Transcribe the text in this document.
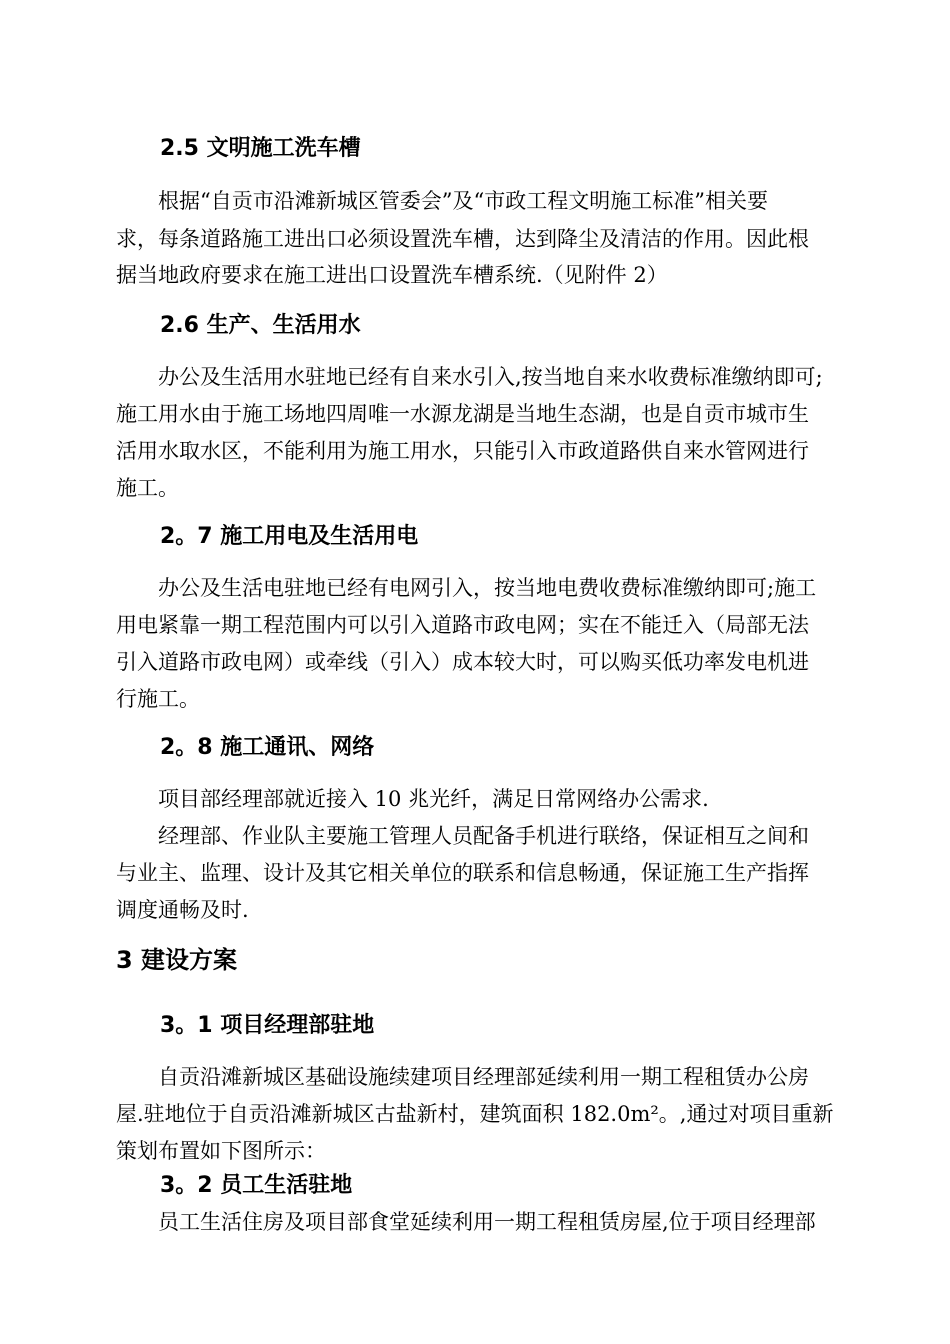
2.5 文明施工洗车槽
根据“自贡市沿滩新城区管委会”及“市政工程文明施工标准”相关要
求，每条道路施工进出口必须设置洗车槽，达到降尘及清洁的作用。因此根
据当地政府要求在施工进出口设置洗车槽系统.（见附件 2）
2.6 生产、生活用水
办公及生活用水驻地已经有自来水引入,按当地自来水收费标准缴纳即可;
施工用水由于施工场地四周唯一水源龙湖是当地生态湖，也是自贡市城市生
活用水取水区，不能利用为施工用水，只能引入市政道路供自来水管网进行
施工。
2。7 施工用电及生活用电
办公及生活电驻地已经有电网引入，按当地电费收费标准缴纳即可;施工
用电紧靠一期工程范围内可以引入道路市政电网；实在不能迁入（局部无法
引入道路市政电网）或牵线（引入）成本较大时，可以购买低功率发电机进
行施工。
2。8 施工通讯、网络
项目部经理部就近接入 10 兆光纤，满足日常网络办公需求.
经理部、作业队主要施工管理人员配备手机进行联络，保证相互之间和
与业主、监理、设计及其它相关单位的联系和信息畅通，保证施工生产指挥
调度通畅及时.
3 建设方案
3。1 项目经理部驻地
自贡沿滩新城区基础设施续建项目经理部延续利用一期工程租赁办公房
屋.驻地位于自贡沿滩新城区古盐新村，建筑面积 182.0m²。,通过对项目重新
策划布置如下图所示：
3。2 员工生活驻地
员工生活住房及项目部食堂延续利用一期工程租赁房屋,位于项目经理部
